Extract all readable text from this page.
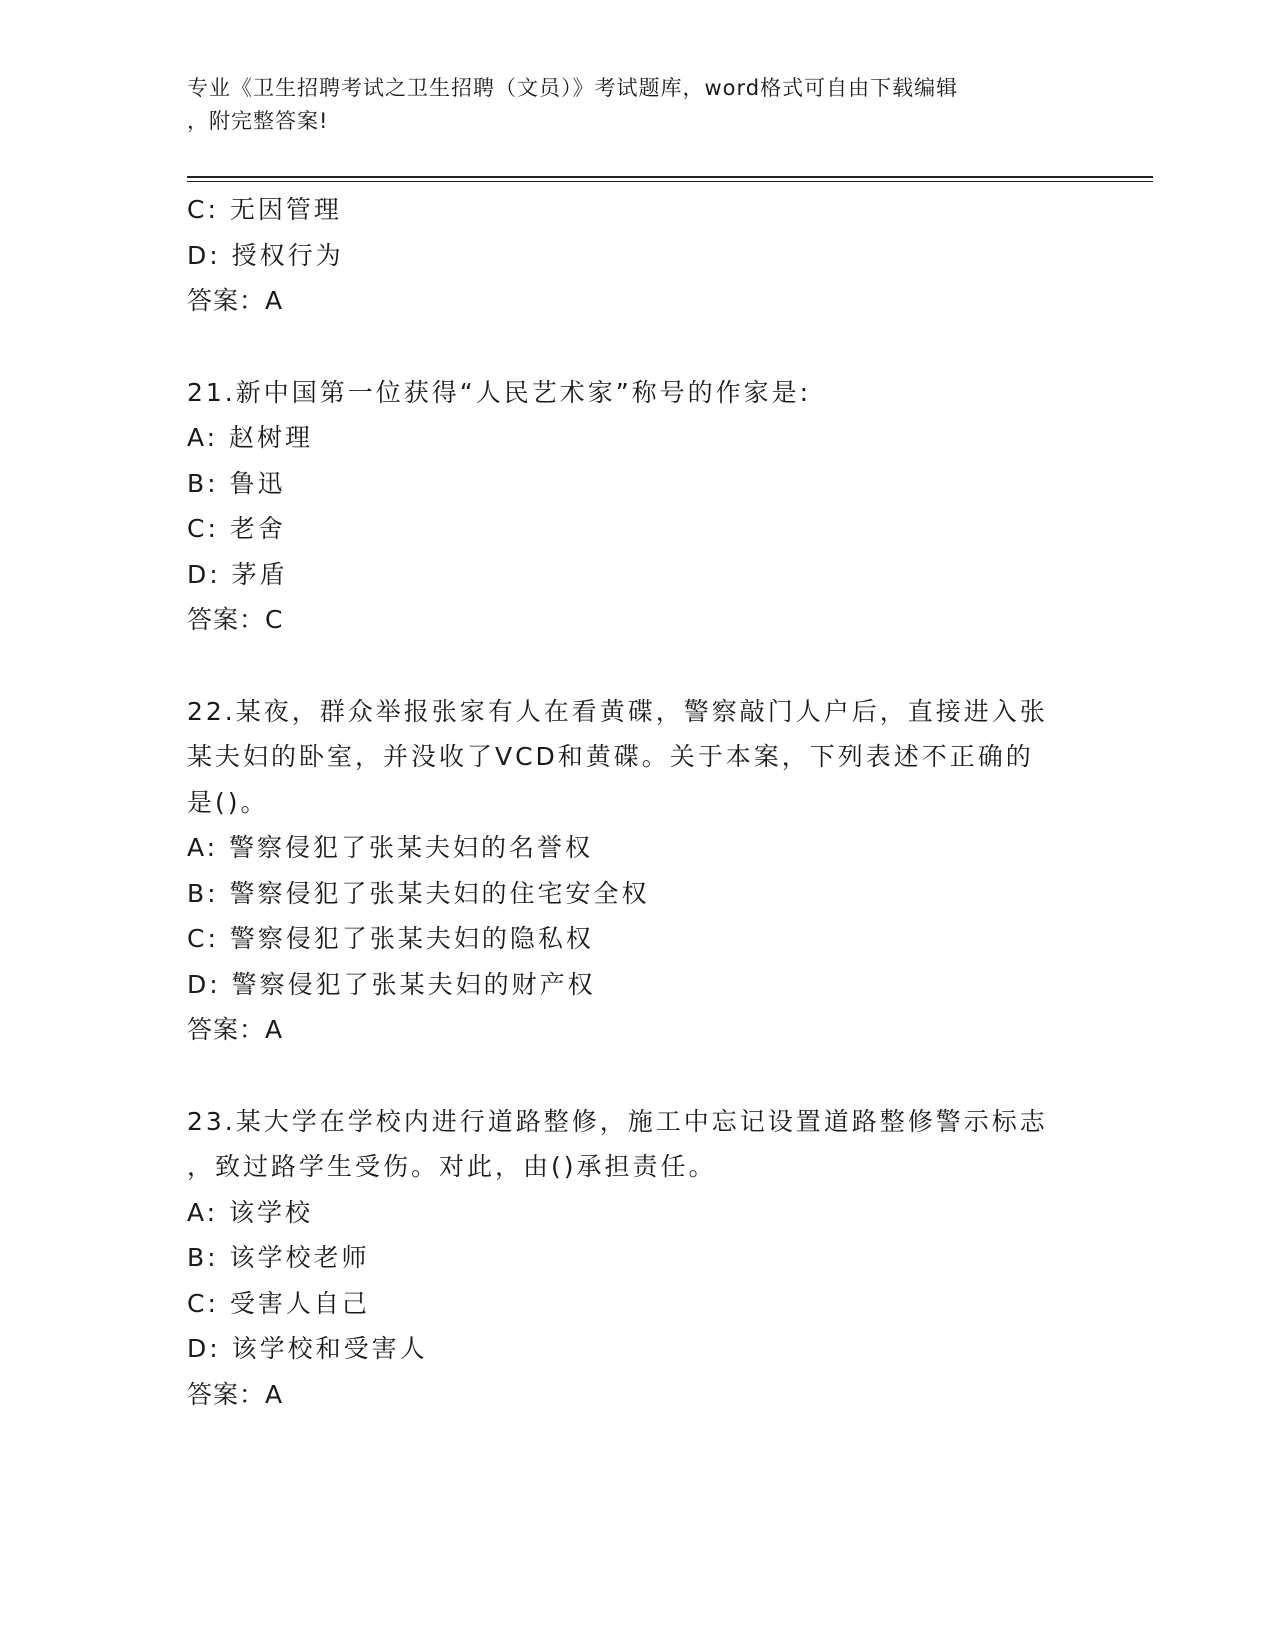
专业《卫生招聘考试之卫生招聘（文员）》考试题库，word格式可自由下载编辑
，附完整答案!
C: 无因管理
D: 授权行为
答案：A
21.新中国第一位获得“人民艺术家”称号的作家是:
A: 赵树理
B: 鲁迅
C: 老舍
D: 茅盾
答案：C
22.某夜，群众举报张家有人在看黄碟，警察敲门人户后，直接进入张
某夫妇的卧室，并没收了VCD和黄碟。关于本案，下列表述不正确的
是()。
A: 警察侵犯了张某夫妇的名誉权
B: 警察侵犯了张某夫妇的住宅安全权
C: 警察侵犯了张某夫妇的隐私权
D: 警察侵犯了张某夫妇的财产权
答案：A
23.某大学在学校内进行道路整修，施工中忘记设置道路整修警示标志
，致过路学生受伤。对此，由()承担责任。
A: 该学校
B: 该学校老师
C: 受害人自己
D: 该学校和受害人
答案：A
